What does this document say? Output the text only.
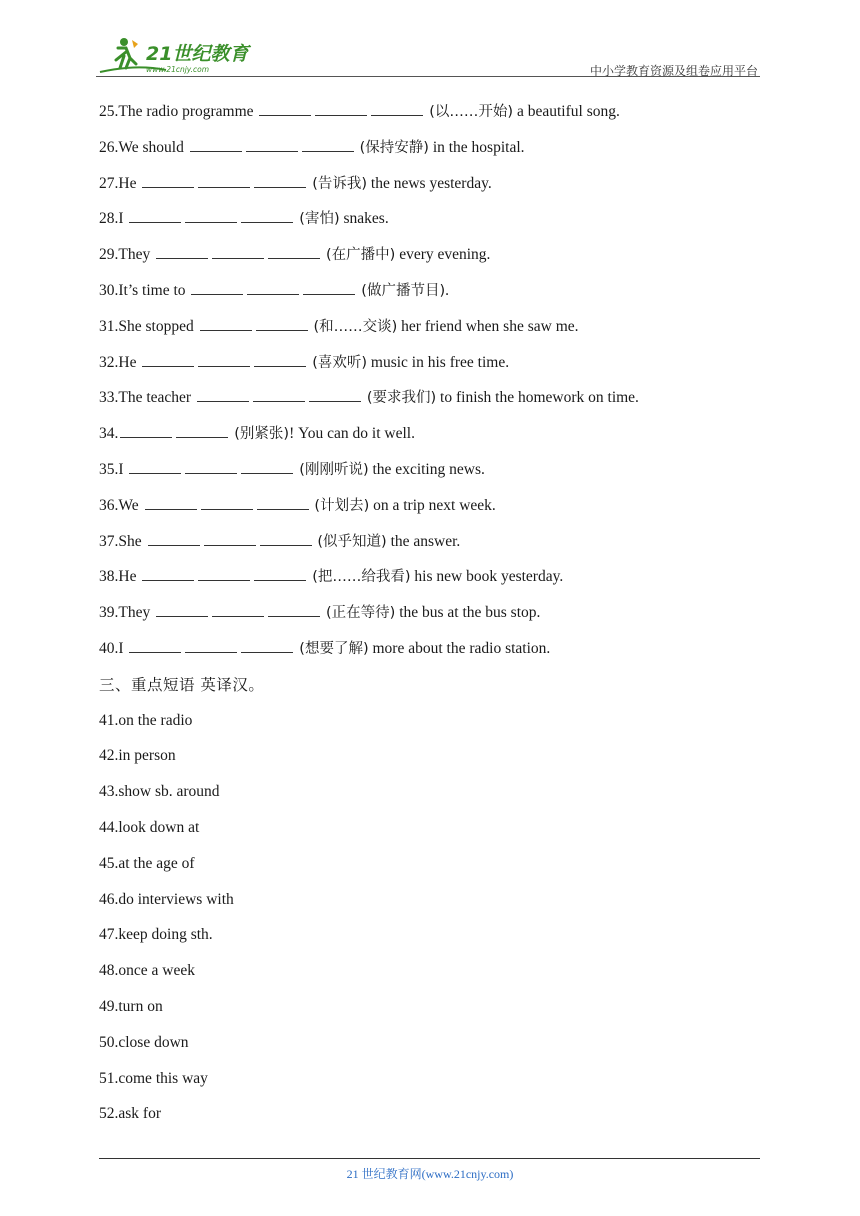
21世纪教育
www.21cnjy.com	中小学教育资源及组卷应用平台
25.The radio programme	(以……开始) a beautiful song.
26.We should	(保持安静) in the hospital.
27.He	(告诉我) the news yesterday.
28.I	(害怕) snakes.
29.They	(在广播中) every evening.
30.It’s time to	(做广播节目).
31.She stopped	(和……交谈) her friend when she saw me.
32.He	(喜欢听) music in his free time.
33.The teacher	(要求我们) to finish the homework on time.
34.	(别紧张)! You can do it well.
35.I	(刚刚听说) the exciting news.
36.We	(计划去) on a trip next week.
37.She	(似乎知道) the answer.
38.He	(把……给我看) his new book yesterday.
39.They	(正在等待) the bus at the bus stop.
40.I	(想要了解) more about the radio station.
三、重点短语 英译汉。
41.on the radio
42.in person
43.show sb. around
44.look down at
45.at the age of
46.do interviews with
47.keep doing sth.
48.once a week
49.turn on
50.close down
51.come this way
52.ask for
21 世纪教育网(www.21cnjy.com)
